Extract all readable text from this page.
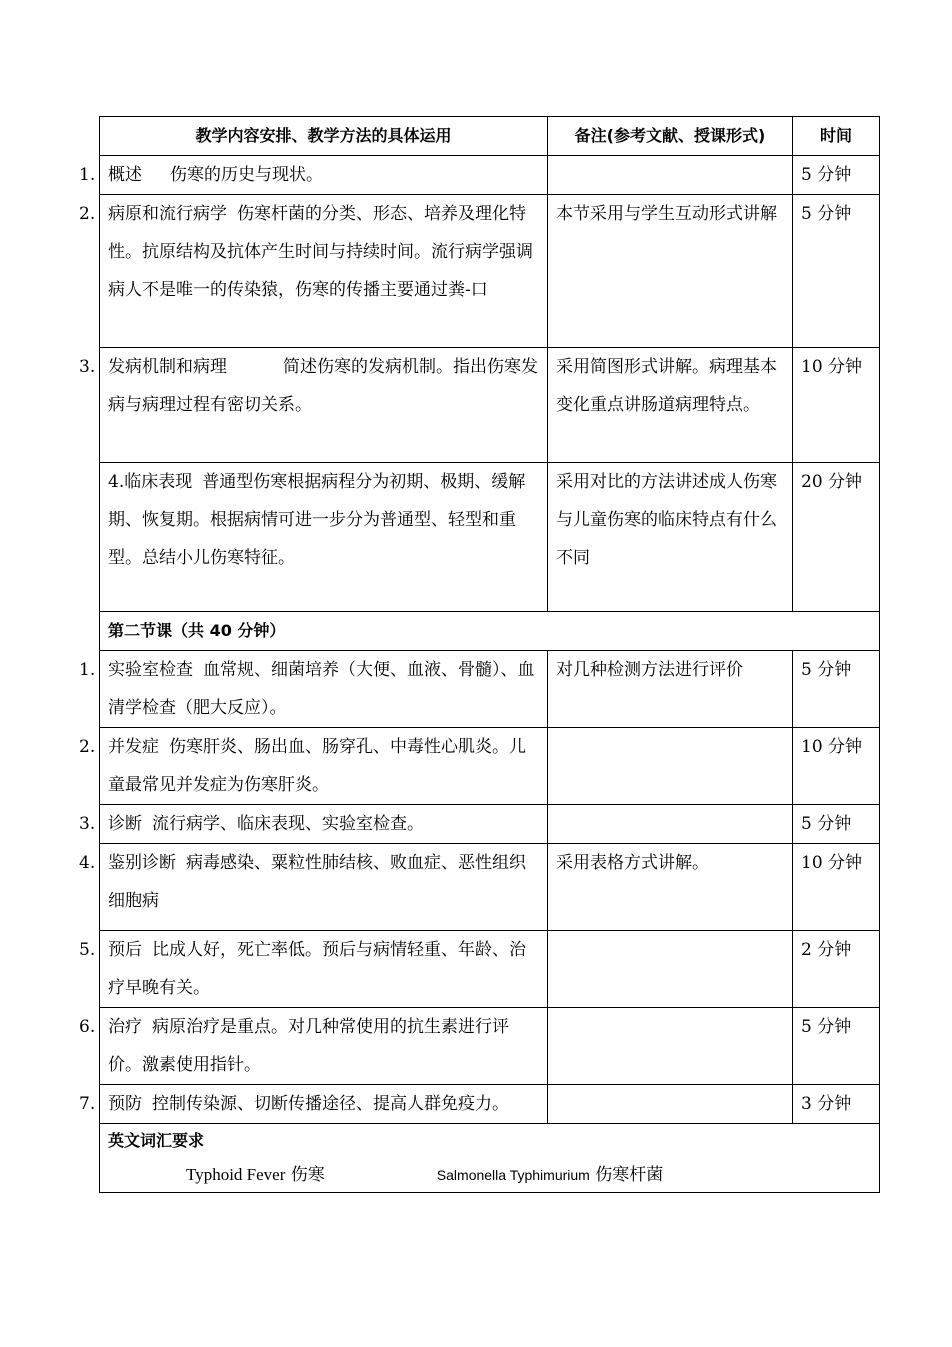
教学内容安排、教学方法的具体运用	备注(参考文献、授课形式)	时间
1. 概述 伤寒的历史与现状。		5 分钟
2. 病原和流行病学 伤寒杆菌的分类、形态、培养及理化特性。抗原结构及抗体产生时间与持续时间。流行病学强调病人不是唯一的传染猿，伤寒的传播主要通过粪-口	本节采用与学生互动形式讲解	5 分钟
3. 发病机制和病理 简述伤寒的发病机制。指出伤寒发病与病理过程有密切关系。	采用简图形式讲解。病理基本变化重点讲肠道病理特点。	10 分钟
4.临床表现 普通型伤寒根据病程分为初期、极期、缓解期、恢复期。根据病情可进一步分为普通型、轻型和重型。总结小儿伤寒特征。	采用对比的方法讲述成人伤寒与儿童伤寒的临床特点有什么不同	20 分钟
第二节课（共 40 分钟）		
1. 实验室检查 血常规、细菌培养（大便、血液、骨髓）、血清学检查（肥大反应）。	对几种检测方法进行评价	5 分钟
2. 并发症 伤寒肝炎、肠出血、肠穿孔、中毒性心肌炎。儿童最常见并发症为伤寒肝炎。		10 分钟
3. 诊断 流行病学、临床表现、实验室检查。		5 分钟
4. 鉴别诊断 病毒感染、粟粒性肺结核、败血症、恶性组织细胞病	采用表格方式讲解。	10 分钟
5. 预后 比成人好，死亡率低。预后与病情轻重、年龄、治疗早晚有关。		2 分钟
6. 治疗 病原治疗是重点。对几种常使用的抗生素进行评价。激素使用指针。		5 分钟
7. 预防 控制传染源、切断传播途径、提高人群免疫力。		3 分钟

英文词汇要求
Typhoid Fever 伤寒 Salmonella Typhimurium 伤寒杆菌		
